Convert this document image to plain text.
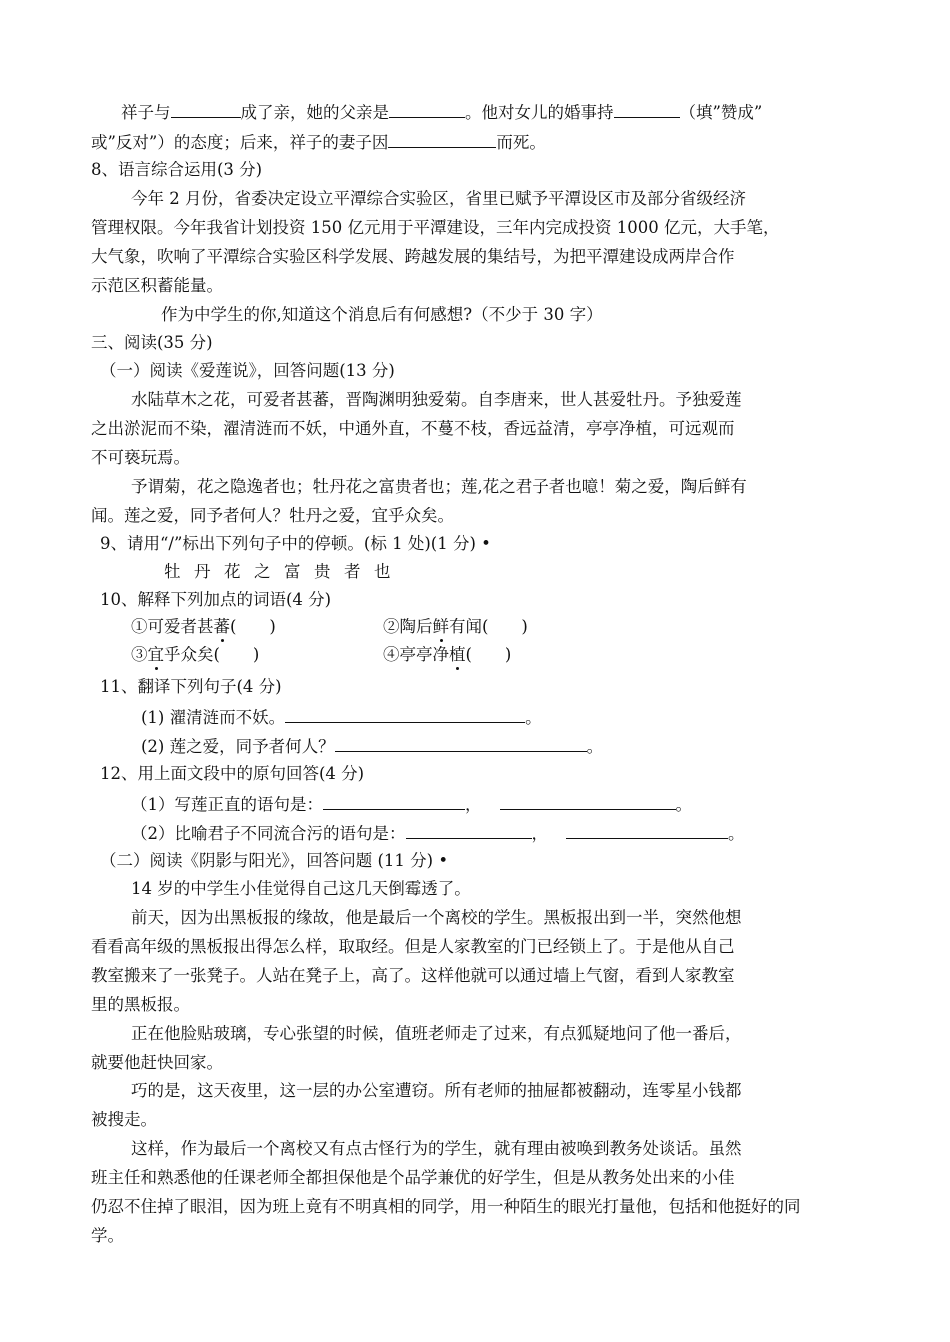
祥子与	成了亲，她的父亲是	。他对女儿的婚事持	（填”赞成”
或”反对”）的态度；后来，祥子的妻子因	而死。
8、语言综合运用(3 分)
今年 2 月份，省委决定设立平潭综合实验区，省里已赋予平潭设区市及部分省级经济
管理权限。今年我省计划投资 150 亿元用于平潭建设，三年内完成投资 1000 亿元，大手笔，
大气象，吹响了平潭综合实验区科学发展、跨越发展的集结号，为把平潭建设成两岸合作
示范区积蓄能量。
作为中学生的你,知道这个消息后有何感想?（不少于 30 字）
三、阅读(35 分)
（一）阅读《爱莲说》，回答问题(13 分)
水陆草木之花，可爱者甚蕃，晋陶渊明独爱菊。自李唐来，世人甚爱牡丹。予独爱莲
之出淤泥而不染，濯清涟而不妖，中通外直，不蔓不枝，香远益清，亭亭净植，可远观而
不可亵玩焉。
予谓菊，花之隐逸者也；牡丹花之富贵者也；莲,花之君子者也噫！菊之爱，陶后鲜有
闻。莲之爱，同予者何人？牡丹之爱，宜乎众矣。
9、请用“/”标出下列句子中的停顿。(标 1 处)(1 分) •
牡 丹 花 之 富 贵 者 也
10、解释下列加点的词语(4 分)
①可爱者甚蕃(　　)	②陶后鲜有闻(　　)
③宜乎众矣(　　)	④亭亭净植(　　)
11、翻译下列句子(4 分)
(1) 濯清涟而不妖。	。
(2) 莲之爱，同予者何人？	。
12、用上面文段中的原句回答(4 分)
（1）写莲正直的语句是：	，	。
（2）比喻君子不同流合污的语句是：	，	。
（二）阅读《阴影与阳光》，回答问题 (11 分) •
14 岁的中学生小佳觉得自己这几天倒霉透了。
前天，因为出黑板报的缘故，他是最后一个离校的学生。黑板报出到一半，突然他想
看看高年级的黑板报出得怎么样，取取经。但是人家教室的门已经锁上了。于是他从自己
教室搬来了一张凳子。人站在凳子上，高了。这样他就可以通过墙上气窗，看到人家教室
里的黑板报。
正在他脸贴玻璃，专心张望的时候，值班老师走了过来，有点狐疑地问了他一番后，
就要他赶快回家。
巧的是，这天夜里，这一层的办公室遭窃。所有老师的抽屉都被翻动，连零星小钱都
被搜走。
这样，作为最后一个离校又有点古怪行为的学生，就有理由被唤到教务处谈话。虽然
班主任和熟悉他的任课老师全都担保他是个品学兼优的好学生，但是从教务处出来的小佳
仍忍不住掉了眼泪，因为班上竟有不明真相的同学，用一种陌生的眼光打量他，包括和他挺好的同
学。
